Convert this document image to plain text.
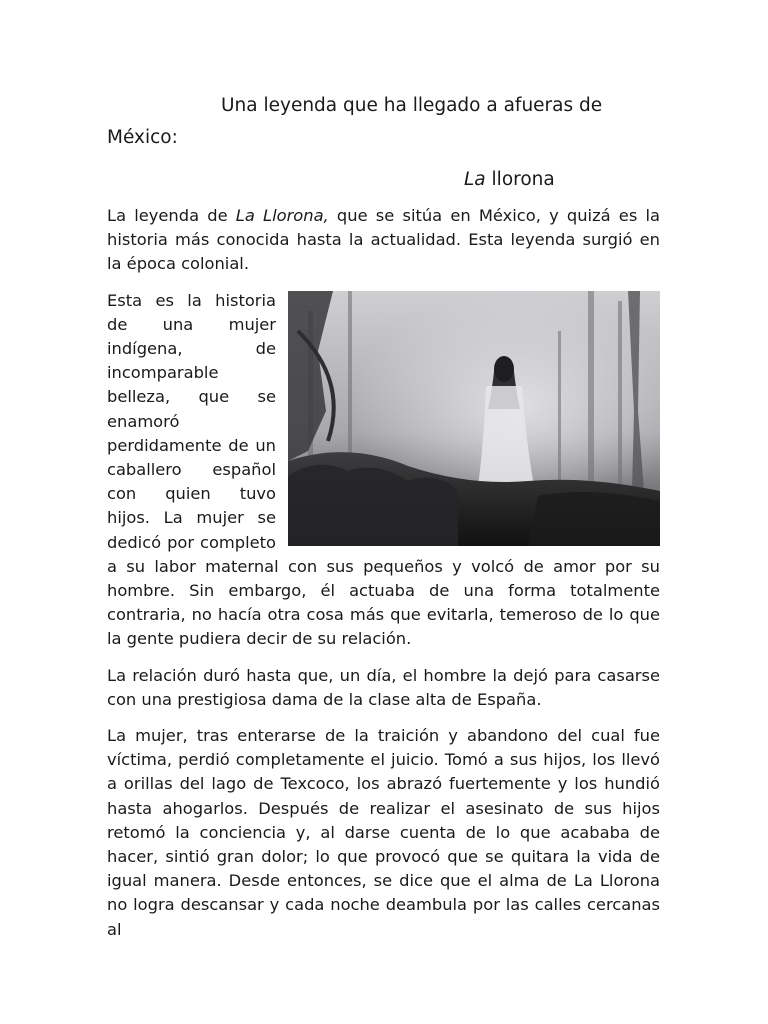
Una leyenda que ha llegado a afueras de
México:

La llorona

La leyenda de La Llorona, que se sitúa en México, y quizá es la historia más conocida hasta la actualidad. Esta leyenda surgió en la época colonial.

Esta es la historia de una mujer indígena, de incomparable belleza, que se enamoró perdidamente de un caballero español con quien tuvo hijos. La mujer se dedicó por completo a su labor maternal con sus pequeños y volcó de amor por su hombre. Sin embargo, él actuaba de una forma totalmente contraria, no hacía otra cosa más que evitarla, temeroso de lo que la gente pudiera decir de su relación.

La relación duró hasta que, un día, el hombre la dejó para casarse con una prestigiosa dama de la clase alta de España.

La mujer, tras enterarse de la traición y abandono del cual fue víctima, perdió completamente el juicio. Tomó a sus hijos, los llevó a orillas del lago de Texcoco, los abrazó fuertemente y los hundió hasta ahogarlos. Después de realizar el asesinato de sus hijos retomó la conciencia y, al darse cuenta de lo que acababa de hacer, sintió gran dolor; lo que provocó que se quitara la vida de igual manera. Desde entonces, se dice que el alma de La Llorona no logra descansar y cada noche deambula por las calles cercanas al
